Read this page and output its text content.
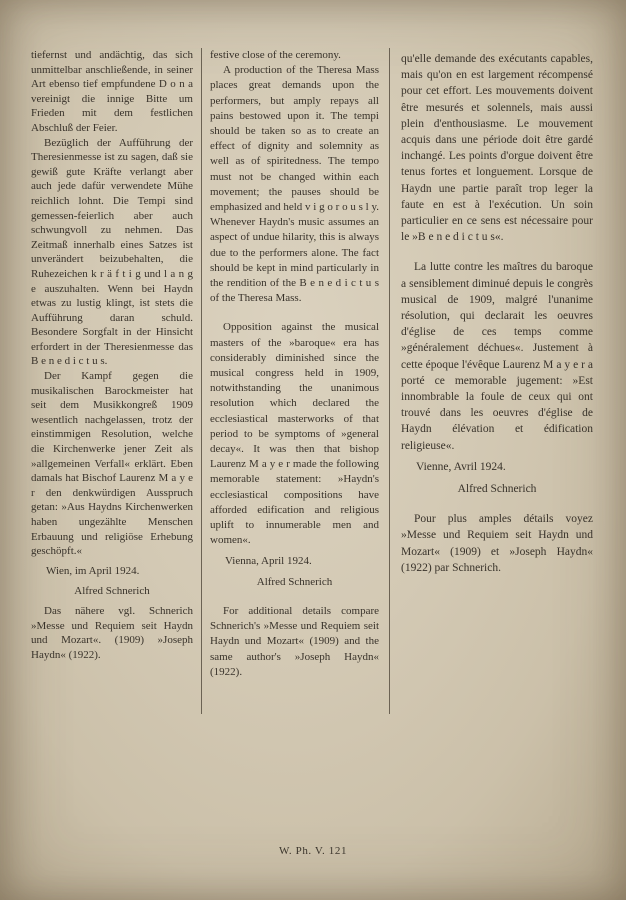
tiefernst und andächtig, das sich unmittelbar anschließende, in seiner Art ebenso tief empfundene D o n a vereinigt die innige Bitte um Frieden mit dem festlichen Abschluß der Feier.

Bezüglich der Aufführung der Theresienmesse ist zu sagen, daß sie gewiß gute Kräfte verlangt aber auch jede dafür verwendete Mühe reichlich lohnt. Die Tempi sind gemessen-feierlich aber auch schwungvoll zu nehmen. Das Zeitmaß innerhalb eines Satzes ist unverändert beizubehalten, die Ruhezeichen k r ä f t i g und l a n g e auszuhalten. Wenn bei Haydn etwas zu lustig klingt, ist stets die Aufführung daran schuld. Besondere Sorgfalt in der Hinsicht erfordert in der Theresienmesse das B e n e d i c t u s.

Der Kampf gegen die musikalischen Barockmeister hat seit dem Musikkongreß 1909 wesentlich nachgelassen, trotz der einstimmigen Resolution, welche die Kirchenwerke jener Zeit als »allgemeinen Verfall« erklärt. Eben damals hat Bischof Laurenz M a y e r den denkwürdigen Ausspruch getan: »Aus Haydns Kirchenwerken haben ungezählte Menschen Erbauung und religiöse Erhebung geschöpft.«

Wien, im April 1924.

Alfred Schnerich

Das nähere vgl. Schnerich »Messe und Requiem seit Haydn und Mozart«. (1909) »Joseph Haydn« (1922).

festive close of the ceremony.

A production of the Theresa Mass places great demands upon the performers, but amply repays all pains bestowed upon it. The tempi should be taken so as to create an effect of dignity and solemnity as well as of spiritedness. The tempo must not be changed within each movement; the pauses should be emphasized and held v i g o r o u s l y. Whenever Haydn's music assumes an aspect of undue hilarity, this is always due to the performers alone. The fact should be kept in mind particularly in the rendition of the B e n e d i c t u s of the Theresa Mass.

Opposition against the musical masters of the »baroque« era has considerably diminished since the musical congress held in 1909, notwithstanding the unanimous resolution which declared the ecclesiastical masterworks of that period to be symptoms of »general decay«. It was then that bishop Laurenz M a y e r made the following memorable statement: »Haydn's ecclesiastical compositions have afforded edification and religious uplift to innumerable men and women«.

Vienna, April 1924.

Alfred Schnerich

For additional details compare Schnerich's »Messe und Requiem seit Haydn und Mozart« (1909) and the same author's »Joseph Haydn« (1922).

qu'elle demande des exécutants capables, mais qu'on en est largement récompensé pour cet effort. Les mouvements doivent être mesurés et solennels, mais aussi plein d'enthousiasme. Le mouvement acquis dans une période doit être gardé inchangé. Les points d'orgue doivent être tenus fortes et longuement. Lorsque de Haydn une partie paraît trop leger la faute en est à l'exécution. Un soin particulier en ce sens est nécessaire pour le »B e n e d i c t u s«.

La lutte contre les maîtres du baroque a sensiblement diminué depuis le congrès musical de 1909, malgré l'unanime résolution, qui declarait les oeuvres d'église de ces temps comme »généralement déchues«. Justement à cette époque l'évêque Laurenz M a y e r a porté ce memorable jugement: »Est innombrable la foule de ceux qui ont trouvé dans les oeuvres d'église de Haydn élévation et édification religieuse«.

Vienne, Avril 1924.

Alfred Schnerich

Pour plus amples détails voyez »Messe und Requiem seit Haydn und Mozart« (1909) et »Joseph Haydn« (1922) par Schnerich.

W. Ph. V. 121
